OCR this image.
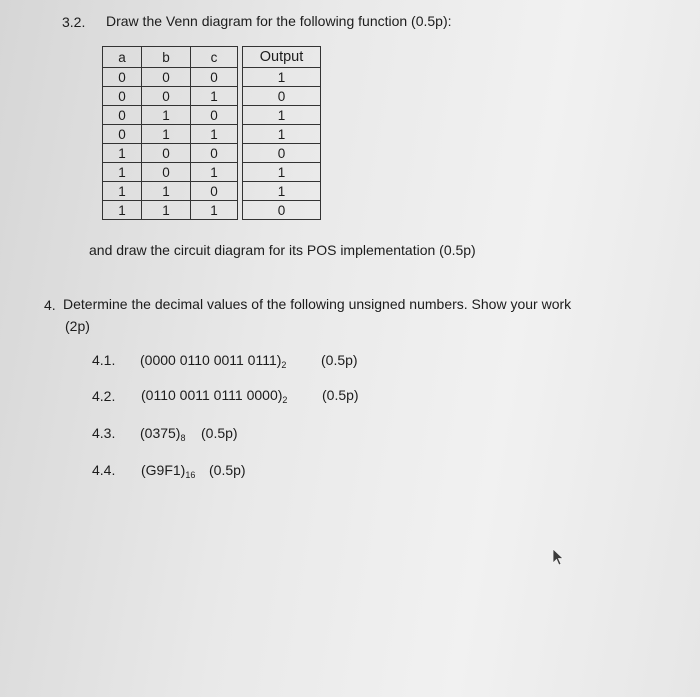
3.2. Draw the Venn diagram for the following function (0.5p):
a	b	c		Output
0	0	0		1
0	0	1		0
0	1	0		1
0	1	1		1
1	0	0		0
1	0	1		1
1	1	0		1
1	1	1		0
and draw the circuit diagram for its POS implementation (0.5p)
4. Determine the decimal values of the following unsigned numbers. Show your work
(2p)
4.1. (0000 0110 0011 $0111)_2$ (0.5p)
4.2. (0110 0011 0111 $0000)_2$ (0.5p)
4.3. $(0375)_8$ (0.5p)
4.4. $(G9F1)_{16}$ (0.5p)
